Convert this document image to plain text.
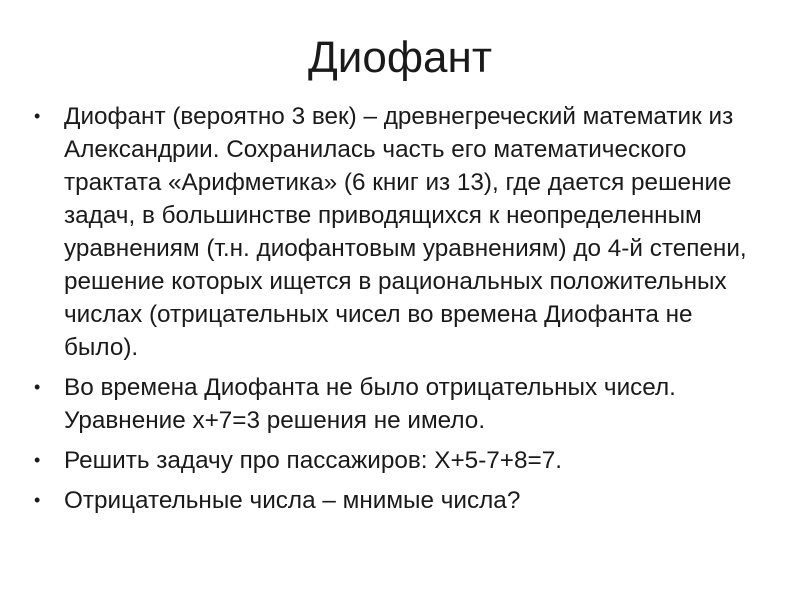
Диофант
• Диофант (вероятно 3 век) – древнегреческий математик из Александрии. Сохранилась часть его математического трактата «Арифметика» (6 книг из 13), где дается решение задач, в большинстве приводящихся к неопределенным уравнениям (т.н. диофантовым уравнениям) до 4-й степени, решение которых ищется в рациональных положительных числах (отрицательных чисел во времена Диофанта не было).
• Во времена Диофанта не было отрицательных чисел. Уравнение х+7=3 решения не имело.
• Решить задачу про пассажиров: Х+5-7+8=7.
• Отрицательные числа – мнимые числа?
